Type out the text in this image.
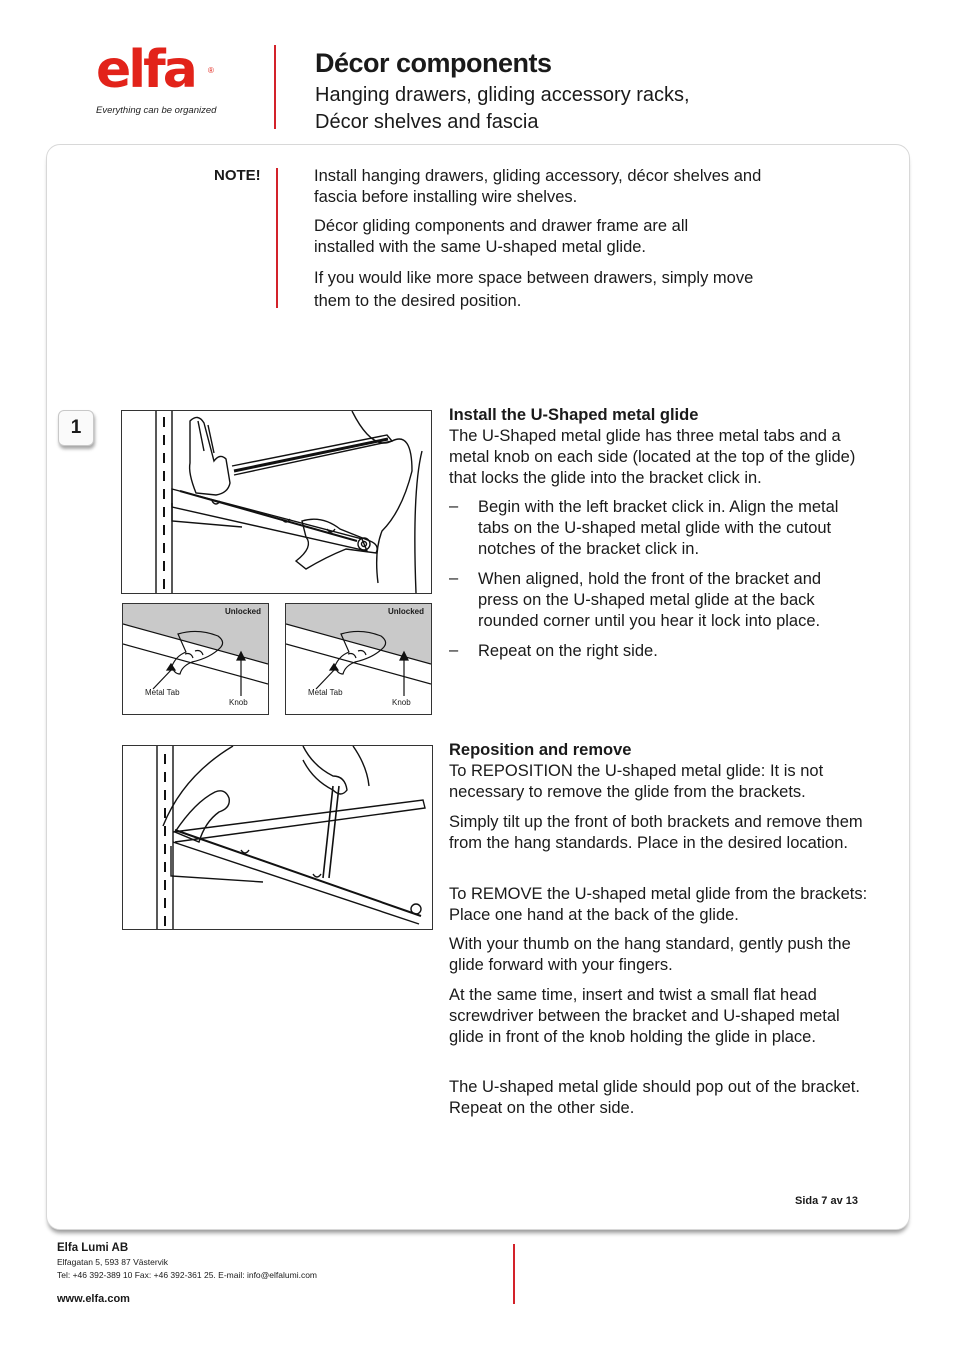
elfa ®
Everything can be organized
Décor components
Hanging drawers, gliding accessory racks,
Décor shelves and fascia
NOTE!	Install hanging drawers, gliding accessory, décor shelves and fascia before installing wire shelves.
Décor gliding components and drawer frame are all installed with the same U-shaped metal glide.
If you would like more space between drawers, simply move them to the desired position.
1
Unlocked
Metal Tab
Knob
Unlocked
Metal Tab
Knob
Install the U-Shaped metal glide
The U-Shaped metal glide has three metal tabs and a metal knob on each side (located at the top of the glide) that locks the glide into the bracket click in.
– Begin with the left bracket click in. Align the metal tabs on the U-shaped metal glide with the cutout notches of the bracket click in.
– When aligned, hold the front of the bracket and press on the U-shaped metal glide at the back rounded corner until you hear it lock into place.
– Repeat on the right side.
Reposition and remove
To REPOSITION the U-shaped metal glide: It is not necessary to remove the glide from the brackets.
Simply tilt up the front of both brackets and remove them from the hang standards. Place in the desired location.
To REMOVE the U-shaped metal glide from the brackets: Place one hand at the back of the glide.
With your thumb on the hang standard, gently push the glide forward with your fingers.
At the same time, insert and twist a small flat head screwdriver between the bracket and U-shaped metal glide in front of the knob holding the glide in place.
The U-shaped metal glide should pop out of the bracket. Repeat on the other side.
Sida 7 av 13
Elfa Lumi AB
Elfagatan 5, 593 87 Västervik
Tel: +46 392-389 10 Fax: +46 392-361 25. E-mail: info@elfalumi.com
www.elfa.com
